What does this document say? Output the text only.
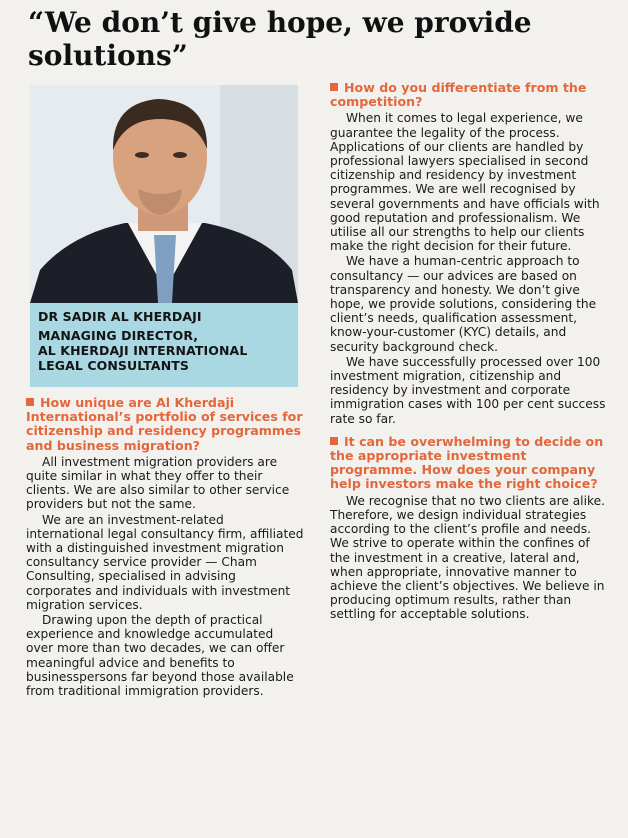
“We don’t give hope, we provide solutions”

DR SADIR AL KHERDAJI

MANAGING DIRECTOR,
AL KHERDAJI INTERNATIONAL
LEGAL CONSULTANTS

How unique are Al Kherdaji International’s portfolio of services for citizenship and residency programmes and business migration?

All investment migration providers are quite similar in what they offer to their clients. We are also similar to other service providers but not the same.

We are an investment-related international legal consultancy firm, affiliated with a distinguished investment migration consultancy service provider — Cham Consulting, specialised in advising corporates and individuals with investment migration services.

Drawing upon the depth of practical experience and knowledge accumulated over more than two decades, we can offer meaningful advice and benefits to businesspersons far beyond those available from traditional immigration providers.

How do you differentiate from the competition?

When it comes to legal experience, we guarantee the legality of the process. Applications of our clients are handled by professional lawyers specialised in second citizenship and residency by investment programmes. We are well recognised by several governments and have officials with good reputation and professionalism. We utilise all our strengths to help our clients make the right decision for their future.

We have a human-centric approach to consultancy — our advices are based on transparency and honesty. We don’t give hope, we provide solutions, considering the client’s needs, qualification assessment, know-your-customer (KYC) details, and security background check.

We have successfully processed over 100 investment migration, citizenship and residency by investment and corporate immigration cases with 100 per cent success rate so far.

It can be overwhelming to decide on the appropriate investment programme. How does your company help investors make the right choice?

We recognise that no two clients are alike. Therefore, we design individual strategies according to the client’s profile and needs. We strive to operate within the confines of the investment in a creative, lateral and, when appropriate, innovative manner to achieve the client’s objectives. We believe in producing optimum results, rather than settling for acceptable solutions.
